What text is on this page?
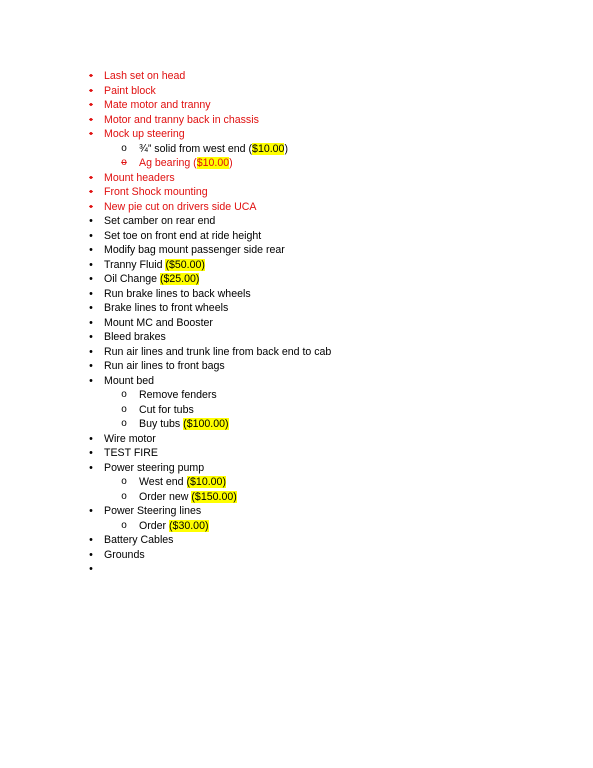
• Lash set on head
• Paint block
• Mate motor and tranny
• Motor and tranny back in chassis
• Mock up steering
o ¾” solid from west end ($10.00)
o Ag bearing ($10.00)
• Mount headers
• Front Shock mounting
• New pie cut on drivers side UCA
• Set camber on rear end
• Set toe on front end at ride height
• Modify bag mount passenger side rear
• Tranny Fluid ($50.00)
• Oil Change ($25.00)
• Run brake lines to back wheels
• Brake lines to front wheels
• Mount MC and Booster
• Bleed brakes
• Run air lines and trunk line from back end to cab
• Run air lines to front bags
• Mount bed
o Remove fenders
o Cut for tubs
o Buy tubs ($100.00)
• Wire motor
• TEST FIRE
• Power steering pump
o West end ($10.00)
o Order new ($150.00)
• Power Steering lines
o Order ($30.00)
• Battery Cables
• Grounds
•
